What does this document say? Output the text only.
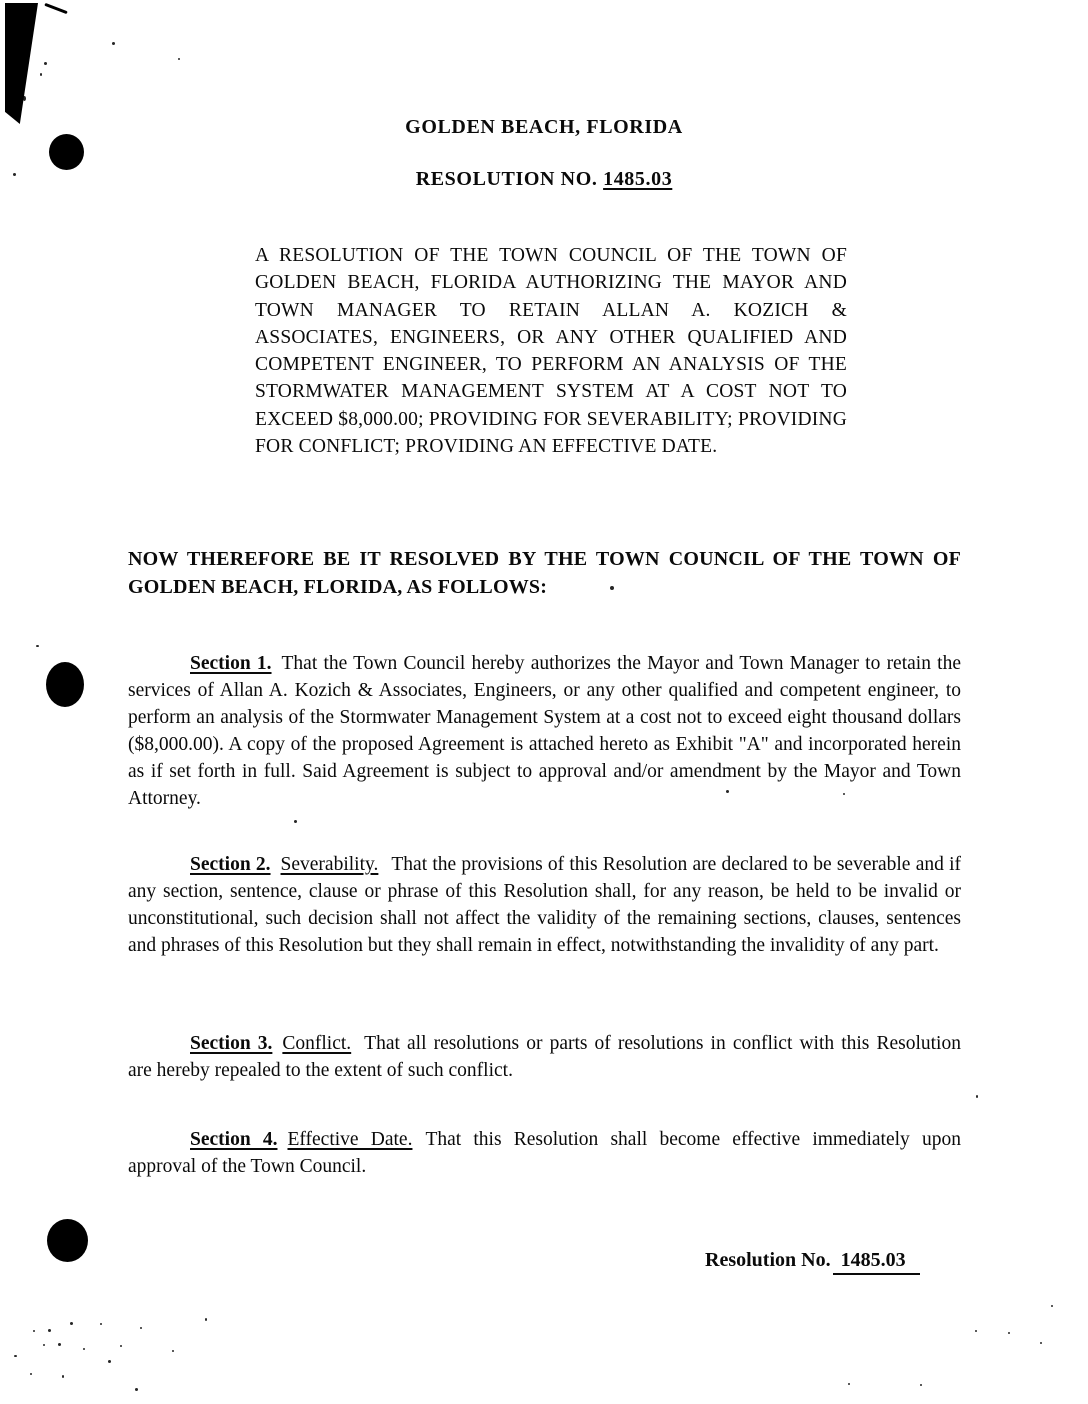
GOLDEN BEACH, FLORIDA
RESOLUTION NO. 1485.03
A RESOLUTION OF THE TOWN COUNCIL OF THE TOWN OF GOLDEN BEACH, FLORIDA AUTHORIZING THE MAYOR AND TOWN MANAGER TO RETAIN ALLAN A. KOZICH & ASSOCIATES, ENGINEERS, OR ANY OTHER QUALIFIED AND COMPETENT ENGINEER, TO PERFORM AN ANALYSIS OF THE STORMWATER MANAGEMENT SYSTEM AT A COST NOT TO EXCEED $8,000.00; PROVIDING FOR SEVERABILITY; PROVIDING FOR CONFLICT; PROVIDING AN EFFECTIVE DATE.
NOW THEREFORE BE IT RESOLVED BY THE TOWN COUNCIL OF THE TOWN OF GOLDEN BEACH, FLORIDA, AS FOLLOWS:
Section 1. That the Town Council hereby authorizes the Mayor and Town Manager to retain the services of Allan A. Kozich & Associates, Engineers, or any other qualified and competent engineer, to perform an analysis of the Stormwater Management System at a cost not to exceed eight thousand dollars ($8,000.00). A copy of the proposed Agreement is attached hereto as Exhibit "A" and incorporated herein as if set forth in full. Said Agreement is subject to approval and/or amendment by the Mayor and Town Attorney.
Section 2. Severability. That the provisions of this Resolution are declared to be severable and if any section, sentence, clause or phrase of this Resolution shall, for any reason, be held to be invalid or unconstitutional, such decision shall not affect the validity of the remaining sections, clauses, sentences and phrases of this Resolution but they shall remain in effect, notwithstanding the invalidity of any part.
Section 3. Conflict. That all resolutions or parts of resolutions in conflict with this Resolution are hereby repealed to the extent of such conflict.
Section 4. Effective Date. That this Resolution shall become effective immediately upon approval of the Town Council.
Resolution No. 1485.03
